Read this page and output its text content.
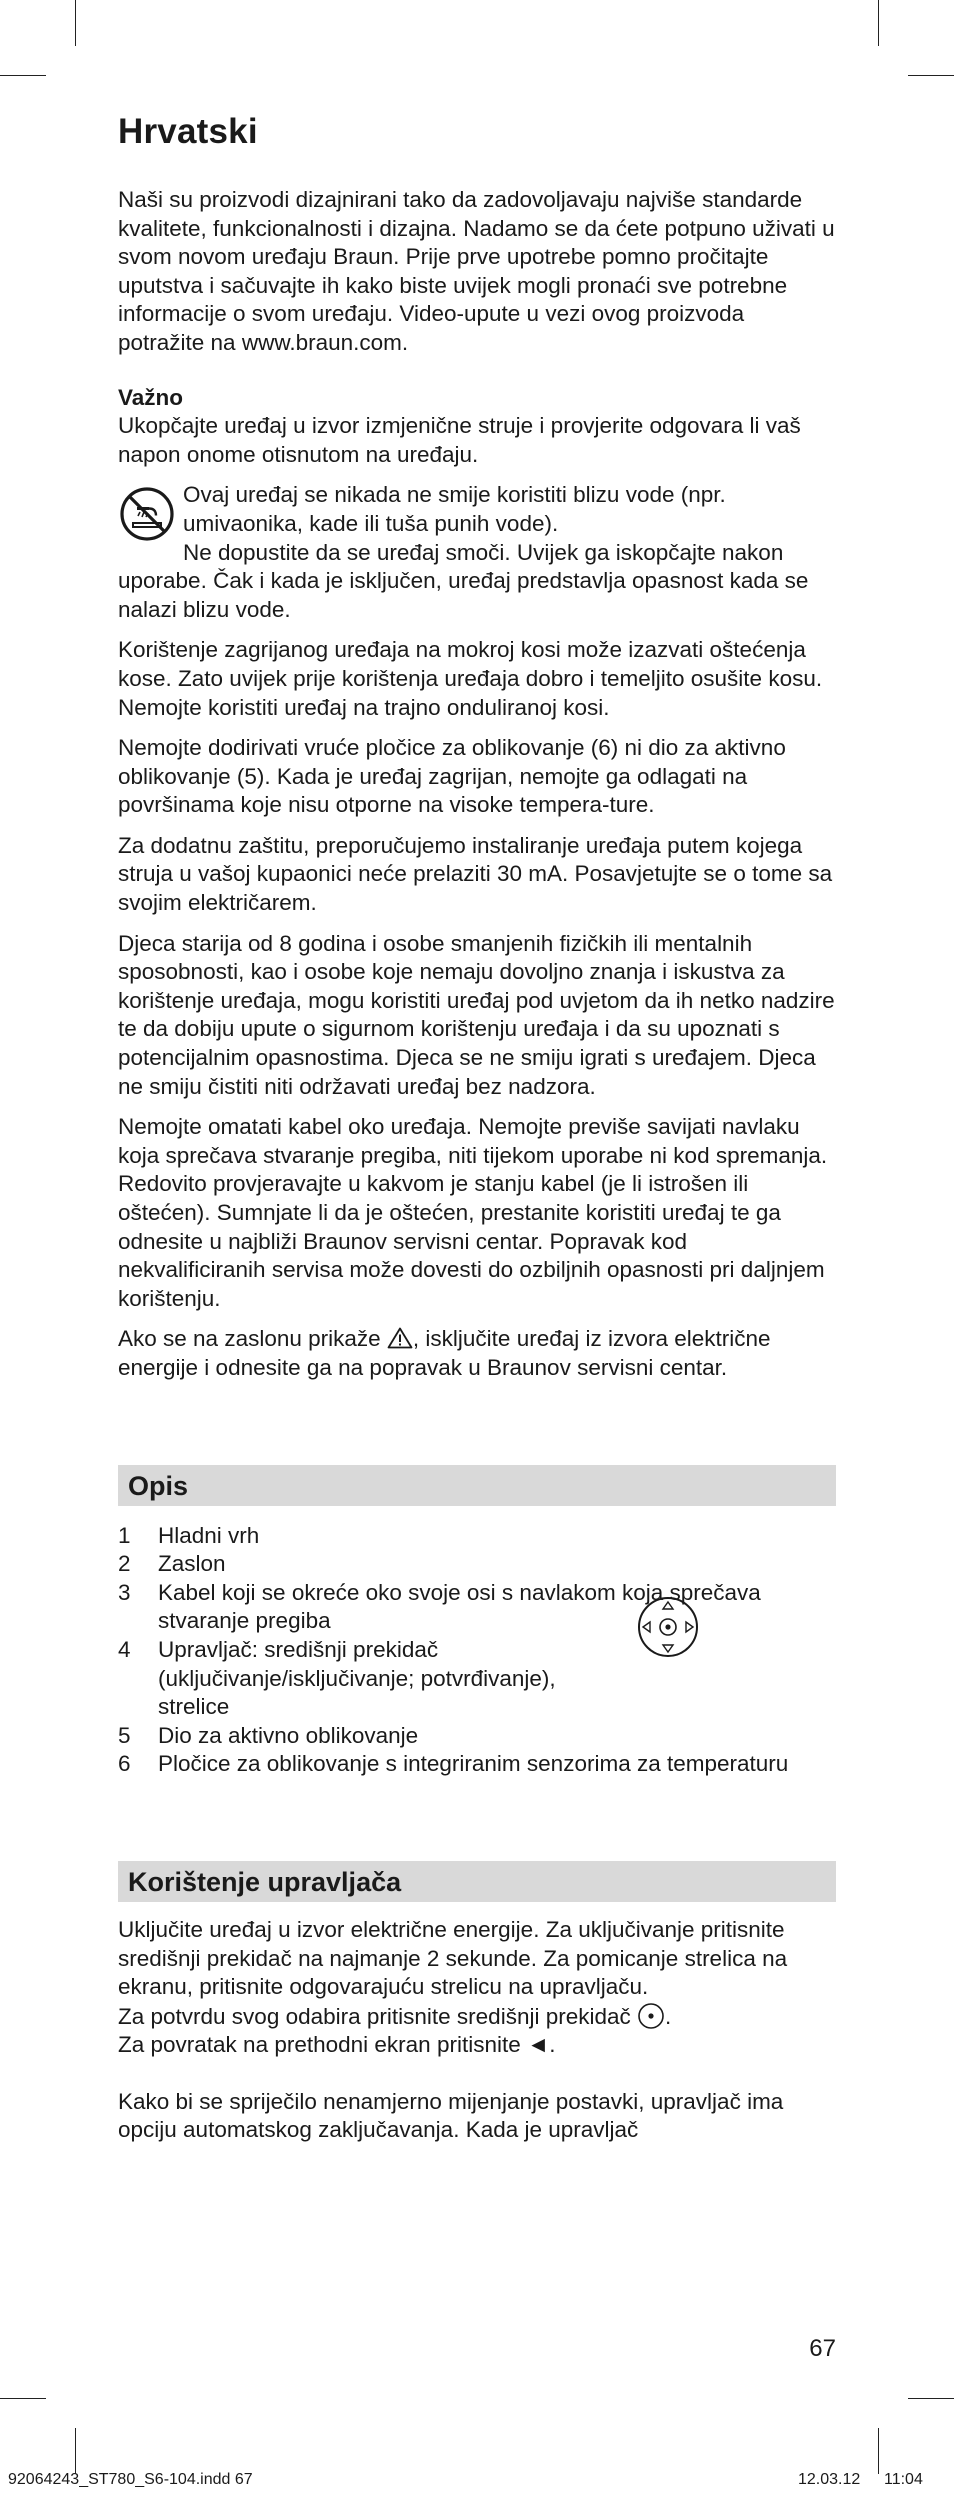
Hrvatski

Naši su proizvodi dizajnirani tako da zadovoljavaju najviše standarde kvalitete, funkcionalnosti i dizajna. Nadamo se da ćete potpuno uživati u svom novom uređaju Braun. Prije prve upotrebe pomno pročitajte uputstva i sačuvajte ih kako biste uvijek mogli pronaći sve potrebne informacije o svom uređaju. Video-upute u vezi ovog proizvoda potražite na www.braun.com.

Važno

Ukopčajte uređaj u izvor izmjenične struje i provjerite odgovara li vaš napon onome otisnutom na uređaju.

Ovaj uređaj se nikada ne smije koristiti blizu vode (npr. umivaonika, kade ili tuša punih vode).
Ne dopustite da se uređaj smoči. Uvijek ga iskopčajte nakon uporabe. Čak i kada je isključen, uređaj predstavlja opasnost kada se nalazi blizu vode.

Korištenje zagrijanog uređaja na mokroj kosi može izazvati oštećenja kose. Zato uvijek prije korištenja uređaja dobro i temeljito osušite kosu. Nemojte koristiti uređaj na trajno onduliranoj kosi.

Nemojte dodirivati vruće pločice za oblikovanje (6) ni dio za aktivno oblikovanje (5). Kada je uređaj zagrijan, nemojte ga odlagati na površinama koje nisu otporne na visoke tempera-ture.

Za dodatnu zaštitu, preporučujemo instaliranje uređaja putem kojega struja u vašoj kupaonici neće prelaziti 30 mA. Posavjetujte se o tome sa svojim električarem.

Djeca starija od 8 godina i osobe smanjenih fizičkih ili mentalnih sposobnosti, kao i osobe koje nemaju dovoljno znanja i iskustva za korištenje uređaja, mogu koristiti uređaj pod uvjetom da ih netko nadzire te da dobiju upute o sigurnom korištenju uređaja i da su upoznati s potencijalnim opasnostima. Djeca se ne smiju igrati s uređajem. Djeca ne smiju čistiti niti održavati uređaj bez nadzora.

Nemojte omatati kabel oko uređaja. Nemojte previše savijati navlaku koja sprečava stvaranje pregiba, niti tijekom uporabe ni kod spremanja.

Redovito provjeravajte u kakvom je stanju kabel (je li istrošen ili oštećen). Sumnjate li da je oštećen, prestanite koristiti uređaj te ga odnesite u najbliži Braunov servisni centar. Popravak kod nekvalificiranih servisa može dovesti do ozbiljnih opasnosti pri daljnjem korištenju.

Ako se na zaslonu prikaže , isključite uređaj iz izvora električne energije i odnesite ga na popravak u Braunov servisni centar.

Opis
1 Hladni vrh
2 Zaslon
3 Kabel koji se okreće oko svoje osi s navlakom koja sprečava stvaranje pregiba
4 Upravljač: središnji prekidač (uključivanje/isključivanje; potvrđivanje), strelice
5 Dio za aktivno oblikovanje
6 Pločice za oblikovanje s integriranim senzorima za temperaturu
Korištenje upravljača

Uključite uređaj u izvor električne energije. Za uključivanje pritisnite središnji prekidač na najmanje 2 sekunde. Za pomicanje strelica na ekranu, pritisnite odgovarajuću strelicu na upravljaču.

Za potvrdu svog odabira pritisnite središnji prekidač .

Za povratak na prethodni ekran pritisnite ◄.

Kako bi se spriječilo nenamjerno mijenjanje postavki, upravljač ima opciju automatskog zaključavanja. Kada je upravljač

67
92064243_ST780_S6-104.indd 67	12.03.12 11:04
